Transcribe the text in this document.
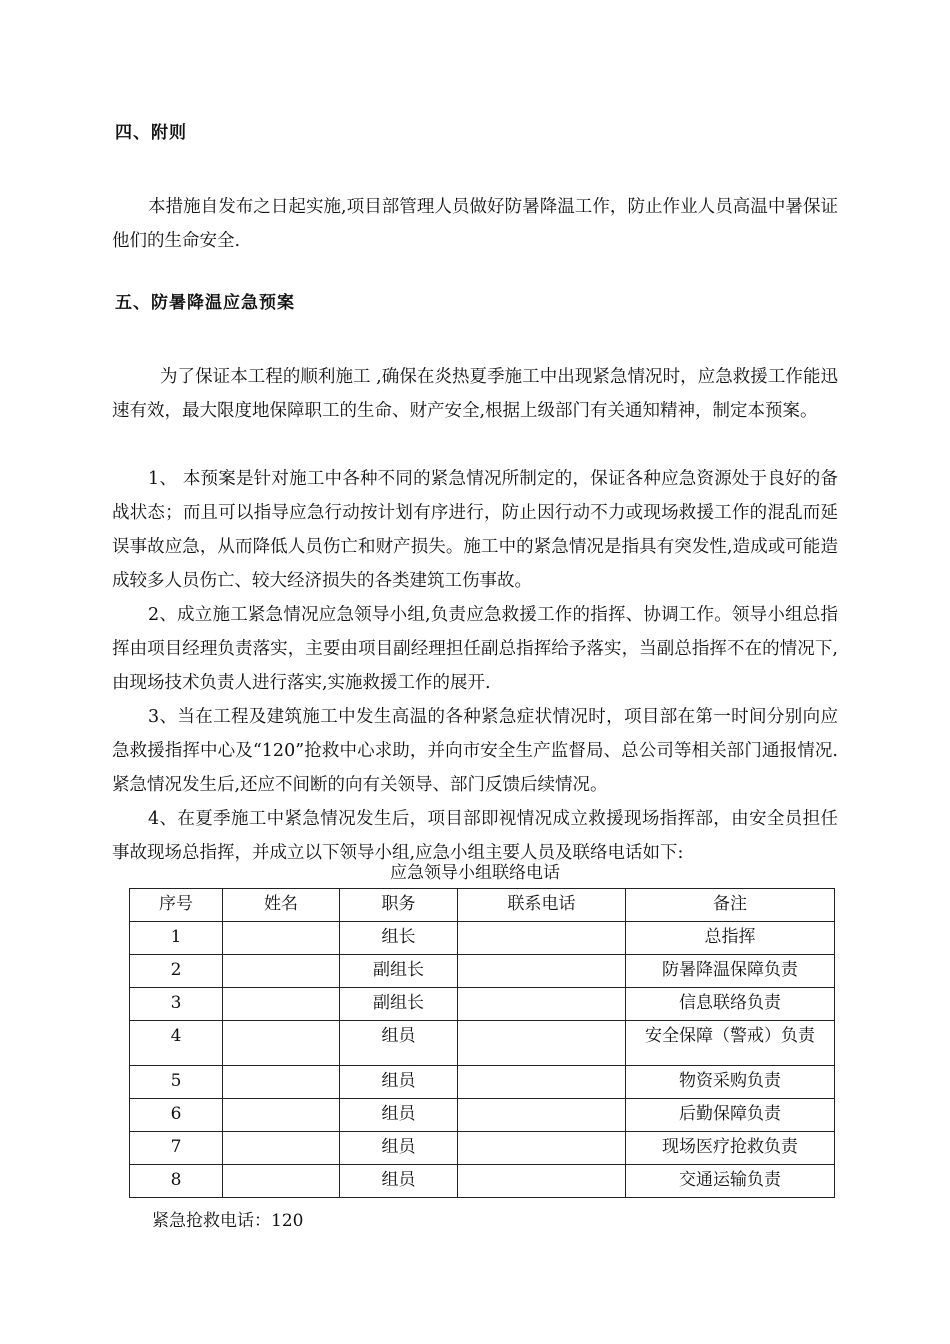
四、附则

本措施自发布之日起实施,项目部管理人员做好防暑降温工作，防止作业人员高温中暑保证他们的生命安全.

五、防暑降温应急预案

为了保证本工程的顺利施工 ,确保在炎热夏季施工中出现紧急情况时，应急救援工作能迅速有效，最大限度地保障职工的生命、财产安全,根据上级部门有关通知精神，制定本预案。

1、 本预案是针对施工中各种不同的紧急情况所制定的，保证各种应急资源处于良好的备战状态；而且可以指导应急行动按计划有序进行，防止因行动不力或现场救援工作的混乱而延误事故应急，从而降低人员伤亡和财产损失。施工中的紧急情况是指具有突发性,造成或可能造成较多人员伤亡、较大经济损失的各类建筑工伤事故。

2、成立施工紧急情况应急领导小组,负责应急救援工作的指挥、协调工作。领导小组总指挥由项目经理负责落实，主要由项目副经理担任副总指挥给予落实，当副总指挥不在的情况下,由现场技术负责人进行落实,实施救援工作的展开.

3、当在工程及建筑施工中发生高温的各种紧急症状情况时，项目部在第一时间分别向应急救援指挥中心及“120”抢救中心求助，并向市安全生产监督局、总公司等相关部门通报情况.紧急情况发生后,还应不间断的向有关领导、部门反馈后续情况。

4、在夏季施工中紧急情况发生后，项目部即视情况成立救援现场指挥部，由安全员担任事故现场总指挥，并成立以下领导小组,应急小组主要人员及联络电话如下:

应急领导小组联络电话
序号	姓名	职务	联系电话	备注
1		组长		总指挥
2		副组长		防暑降温保障负责
3		副组长		信息联络负责
4		组员		安全保障（警戒）负责
5		组员		物资采购负责
6		组员		后勤保障负责
7		组员		现场医疗抢救负责
8		组员		交通运输负责
紧急抢救电话：120
